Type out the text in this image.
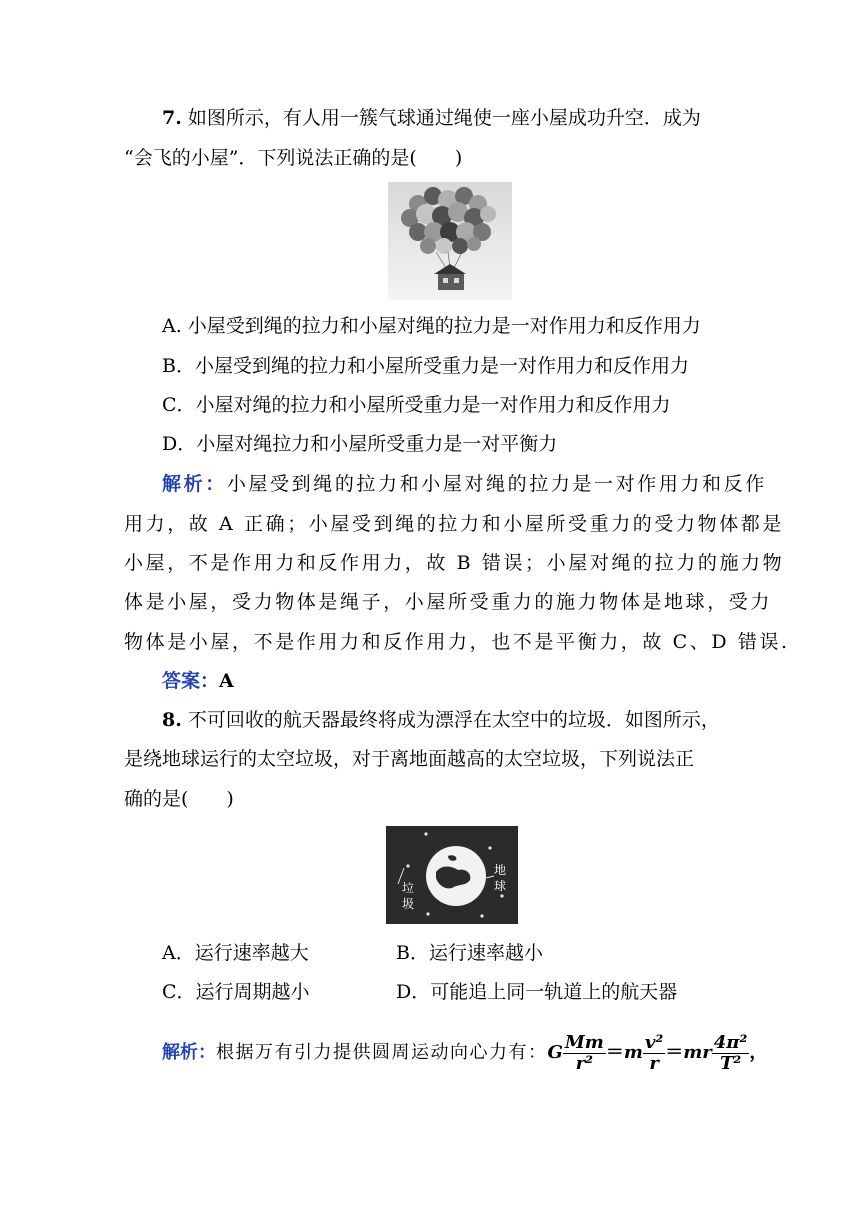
7. 如图所示，有人用一簇气球通过绳使一座小屋成功升空．成为
“会飞的小屋”．下列说法正确的是(　　)
A. 小屋受到绳的拉力和小屋对绳的拉力是一对作用力和反作用力
B．小屋受到绳的拉力和小屋所受重力是一对作用力和反作用力
C．小屋对绳的拉力和小屋所受重力是一对作用力和反作用力
D．小屋对绳拉力和小屋所受重力是一对平衡力
解析：小屋受到绳的拉力和小屋对绳的拉力是一对作用力和反作
用力，故 A 正确；小屋受到绳的拉力和小屋所受重力的受力物体都是
小屋，不是作用力和反作用力，故 B 错误；小屋对绳的拉力的施力物
体是小屋，受力物体是绳子，小屋所受重力的施力物体是地球，受力
物体是小屋，不是作用力和反作用力，也不是平衡力，故 C、D 错误.
答案：A
8. 不可回收的航天器最终将成为漂浮在太空中的垃圾．如图所示，
是绕地球运行的太空垃圾，对于离地面越高的太空垃圾，下列说法正
确的是(　　)
垃
圾
地
球
A．运行速率越大	B．运行速率越小
C．运行周期越小	D．可能追上同一轨道上的航天器
解析：根据万有引力提供圆周运动向心力有：G $\frac{Mm}{\text{r²}} =m \frac{\text{v²}}{r} =mr \frac{\text{4π²}}{\text{T²}}$ ，
